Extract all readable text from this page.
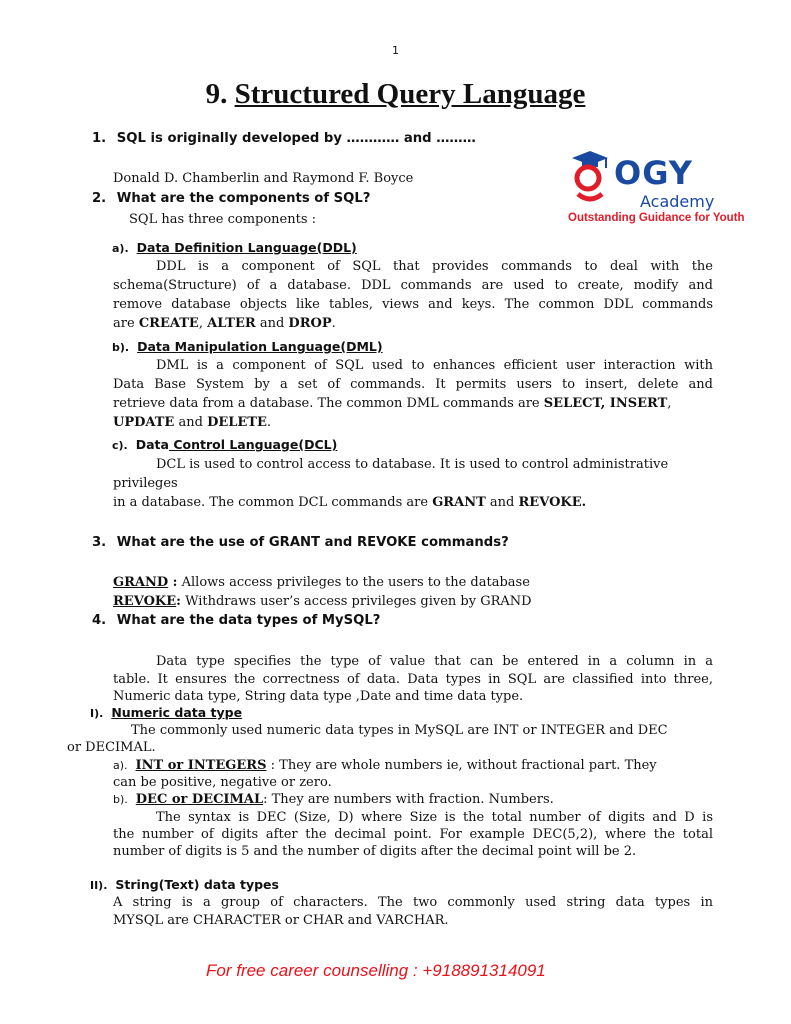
1
9. Structured Query Language
OGY
Academy
Outstanding Guidance for Youth
1. SQL is originally developed by ………… and ………
Donald D. Chamberlin and Raymond F. Boyce
2. What are the components of SQL?
SQL has three components :
a). Data Definition Language(DDL)
DDL is a component of SQL that provides commands to deal with the
schema(Structure) of a database. DDL commands are used to create, modify and
remove database objects like tables, views and keys. The common DDL commands
are CREATE, ALTER and DROP.
b). Data Manipulation Language(DML)
DML is a component of SQL used to enhances efficient user interaction with
Data Base System by a set of commands. It permits users to insert, delete and
retrieve data from a database. The common DML commands are SELECT, INSERT,
UPDATE and DELETE.
c). Data Control Language(DCL)
DCL is used to control access to database. It is used to control administrative
privileges
in a database. The common DCL commands are GRANT and REVOKE.
3. What are the use of GRANT and REVOKE commands?
GRAND : Allows access privileges to the users to the database
REVOKE: Withdraws user’s access privileges given by GRAND
4. What are the data types of MySQL?
Data type specifies the type of value that can be entered in a column in a
table. It ensures the correctness of data. Data types in SQL are classified into three,
Numeric data type, String data type ,Date and time data type.
I). Numeric data type
The commonly used numeric data types in MySQL are INT or INTEGER and DEC
or DECIMAL.
a). INT or INTEGERS : They are whole numbers ie, without fractional part. They
can be positive, negative or zero.
b). DEC or DECIMAL: They are numbers with fraction. Numbers.
The syntax is DEC (Size, D) where Size is the total number of digits and D is
the number of digits after the decimal point. For example DEC(5,2), where the total
number of digits is 5 and the number of digits after the decimal point will be 2.
II). String(Text) data types
A string is a group of characters. The two commonly used string data types in
MYSQL are CHARACTER or CHAR and VARCHAR.
For free career counselling : +918891314091
